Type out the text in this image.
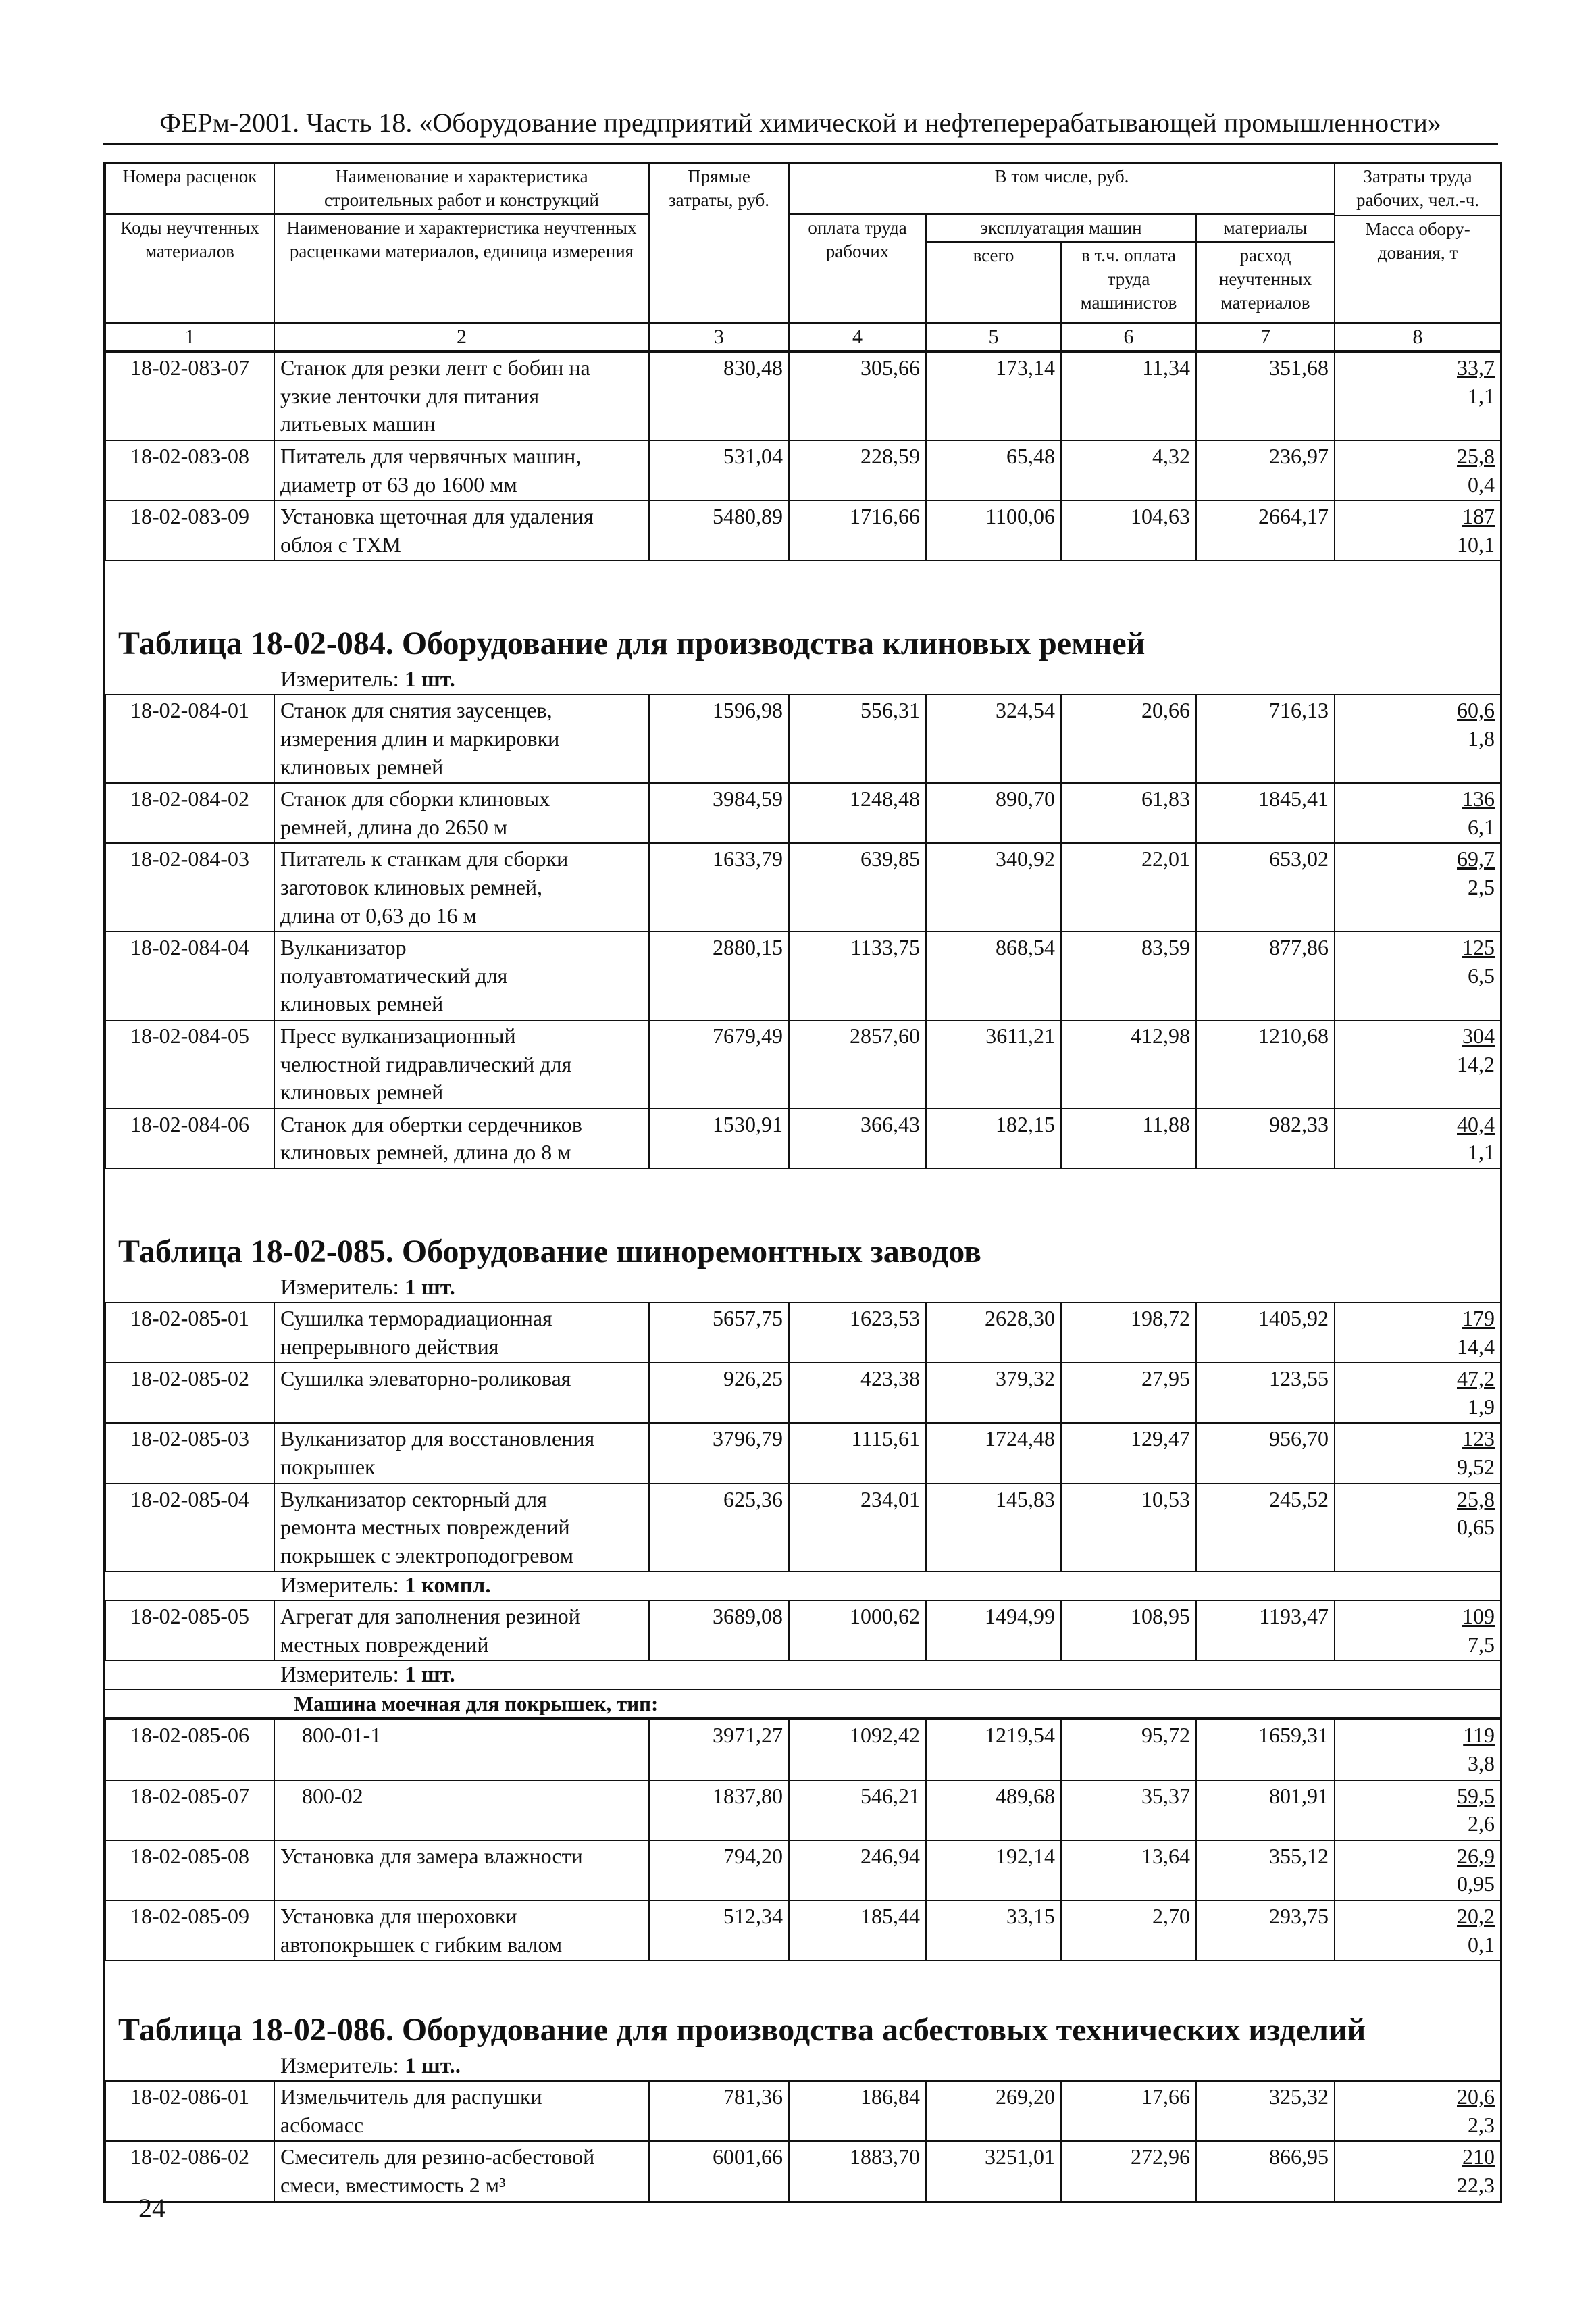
ФЕРм-2001. Часть 18. «Оборудование предприятий химической и нефтеперерабатывающей промышленности»
Номера расценок	Наименование и характеристика строительных работ и конструкций	Прямые затраты, руб.	В том числе, руб.				Затраты труда рабочих, чел.-ч.
Масса обору-дования, т

Коды неучтенных материалов	Наименование и характеристика неучтенных расценками материалов, единица измерения		оплата труда рабочих	эксплуатация машин		материалы	
				всего	в т.ч. оплата труда машинистов	расход неучтенных материалов	
1	2	3	4	5	6	7	8
18-02-083-07	Станок для резки лент с бобин на
узкие ленточки для питания
литьевых машин	830,48	305,66	173,14	11,34	351,68	33,7
1,1

18-02-083-08	Питатель для червячных машин,
диаметр от 63 до 1600 мм	531,04	228,59	65,48	4,32	236,97	25,8
0,4

18-02-083-09	Установка щеточная для удаления
облоя с ТХМ	5480,89	1716,66	1100,06	104,63	2664,17	187
10,1
Таблица 18-02-084. Оборудование для производства клиновых ремней
Измеритель: 1 шт.
18-02-084-01	Станок для снятия заусенцев,
измерения длин и маркировки
клиновых ремней	1596,98	556,31	324,54	20,66	716,13	60,6
1,8

18-02-084-02	Станок для сборки клиновых
ремней, длина до 2650 м	3984,59	1248,48	890,70	61,83	1845,41	136
6,1

18-02-084-03	Питатель к станкам для сборки
заготовок клиновых ремней,
длина от 0,63 до 16 м	1633,79	639,85	340,92	22,01	653,02	69,7
2,5

18-02-084-04	Вулканизатор
полуавтоматический для
клиновых ремней	2880,15	1133,75	868,54	83,59	877,86	125
6,5

18-02-084-05	Пресс вулканизационный
челюстной гидравлический для
клиновых ремней	7679,49	2857,60	3611,21	412,98	1210,68	304
14,2

18-02-084-06	Станок для обертки сердечников
клиновых ремней, длина до 8 м	1530,91	366,43	182,15	11,88	982,33	40,4
1,1
Таблица 18-02-085. Оборудование шиноремонтных заводов
Измеритель: 1 шт.
18-02-085-01	Сушилка терморадиационная
непрерывного действия	5657,75	1623,53	2628,30	198,72	1405,92	179
14,4

18-02-085-02	Сушилка элеваторно-роликовая	926,25	423,38	379,32	27,95	123,55	47,2
1,9

18-02-085-03	Вулканизатор для восстановления
покрышек	3796,79	1115,61	1724,48	129,47	956,70	123
9,52

18-02-085-04	Вулканизатор секторный для
ремонта местных повреждений
покрышек с электроподогревом	625,36	234,01	145,83	10,53	245,52	25,8
0,65
Измеритель: 1 компл.
18-02-085-05	Агрегат для заполнения резиной
местных повреждений
	3689,08	1000,62	1494,99	108,95	1193,47	109
7,5
Измеритель: 1 шт.
Машина моечная для покрышек, тип:
18-02-085-06	800-01-1	3971,27	1092,42	1219,54	95,72	1659,31	119
3,8

18-02-085-07	800-02	1837,80	546,21	489,68	35,37	801,91	59,5
2,6

18-02-085-08	Установка для замера влажности	794,20	246,94	192,14	13,64	355,12	26,9
0,95

18-02-085-09	Установка для шероховки
автопокрышек с гибким валом	512,34	185,44	33,15	2,70	293,75	20,2
0,1
Таблица 18-02-086. Оборудование для производства асбестовых технических изделий
Измеритель: 1 шт..
18-02-086-01	Измельчитель для распушки
асбомасс	781,36	186,84	269,20	17,66	325,32	20,6
2,3

18-02-086-02	Смеситель для резино-асбестовой
смеси, вместимость 2 м³	6001,66	1883,70	3251,01	272,96	866,95	210
22,3
24
